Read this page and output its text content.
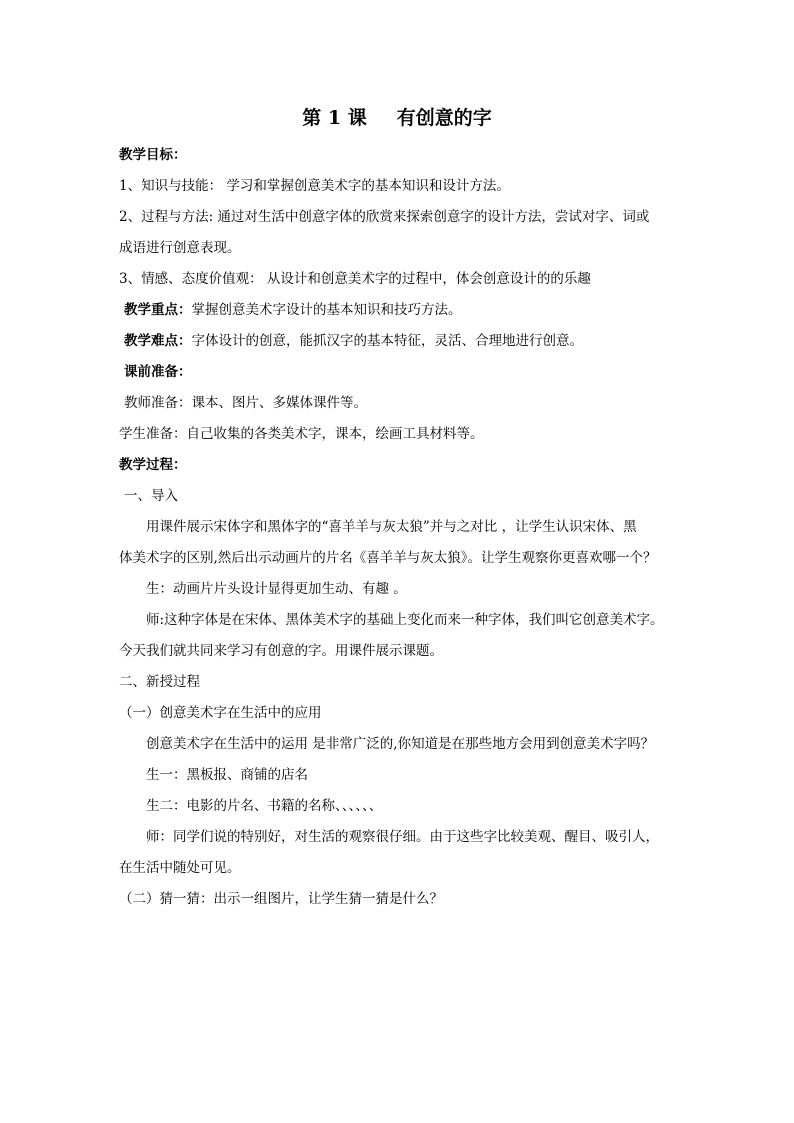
第 1 课 有创意的字
教学目标：
1、知识与技能： 学习和掌握创意美术字的基本知识和设计方法。
2、过程与方法: 通过对生活中创意字体的欣赏来探索创意字的设计方法，尝试对字、词或
成语进行创意表现。
3、情感、态度价值观： 从设计和创意美术字的过程中，体会创意设计的的乐趣
教学重点：掌握创意美术字设计的基本知识和技巧方法。
教学难点：字体设计的创意，能抓汉字的基本特征，灵活、合理地进行创意。
课前准备：
教师准备：课本、图片、多媒体课件等。
学生准备：自己收集的各类美术字，课本，绘画工具材料等。
教学过程：
一、导入
用课件展示宋体字和黑体字的“喜羊羊与灰太狼”并与之对比 ，让学生认识宋体、黑
体美术字的区别,然后出示动画片的片名《喜羊羊与灰太狼》。让学生观察你更喜欢哪一个？
生：动画片片头设计显得更加生动、有趣 。
师:这种字体是在宋体、黑体美术字的基础上变化而来一种字体，我们叫它创意美术字。
今天我们就共同来学习有创意的字。用课件展示课题。
二、新授过程
（一）创意美术字在生活中的应用
创意美术字在生活中的运用 是非常广泛的,你知道是在那些地方会用到创意美术字吗？
生一：黑板报、商铺的店名
生二：电影的片名、书籍的名称、、、、、、
师：同学们说的特别好，对生活的观察很仔细。由于这些字比较美观、醒目、吸引人，
在生活中随处可见。
（二）猜一猜：出示一组图片，让学生猜一猜是什么？
